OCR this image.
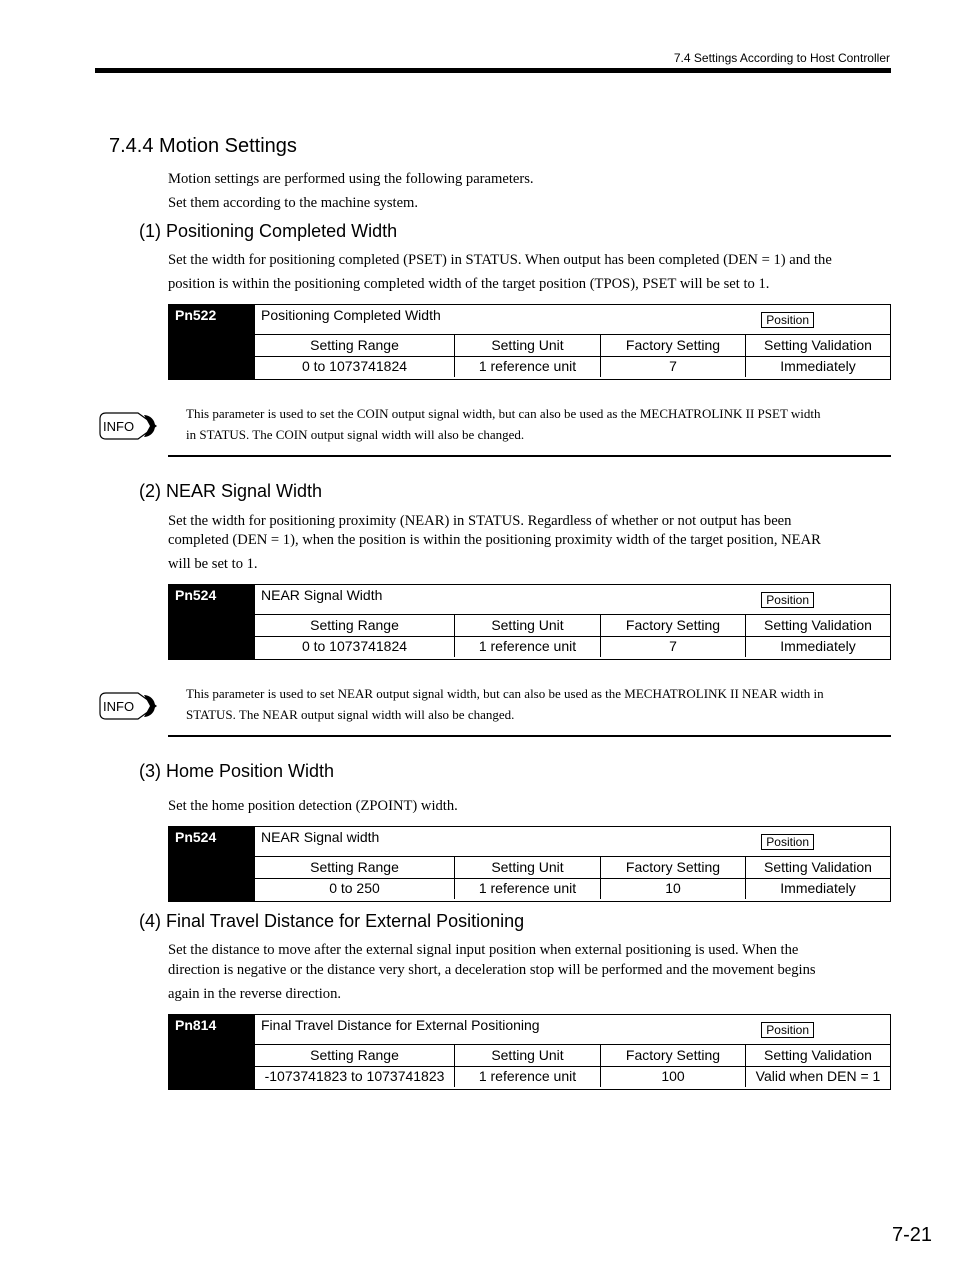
7.4 Settings According to Host Controller
7.4.4 Motion Settings
Motion settings are performed using the following parameters.
Set them according to the machine system.
(1) Positioning Completed Width
Set the width for positioning completed (PSET) in STATUS. When output has been completed (DEN = 1) and the
position is within the positioning completed width of the target position (TPOS), PSET will be set to 1.
Pn522	Positioning Completed Width	Position
Setting Range	Setting Unit	Factory Setting	Setting Validation
0 to 1073741824	1 reference unit	7	Immediately
INFO
This parameter is used to set the COIN output signal width, but can also be used as the MECHATROLINK II PSET width
in STATUS. The COIN output signal width will also be changed.
(2) NEAR Signal Width
Set the width for positioning proximity (NEAR) in STATUS. Regardless of whether or not output has been
completed (DEN = 1), when the position is within the positioning proximity width of the target position, NEAR
will be set to 1.
Pn524	NEAR Signal Width	Position
Setting Range	Setting Unit	Factory Setting	Setting Validation
0 to 1073741824	1 reference unit	7	Immediately
INFO
This parameter is used to set NEAR output signal width, but can also be used as the MECHATROLINK II NEAR width in
STATUS. The NEAR output signal width will also be changed.
(3) Home Position Width
Set the home position detection (ZPOINT) width.
Pn524	NEAR Signal width	Position
Setting Range	Setting Unit	Factory Setting	Setting Validation
0 to 250	1 reference unit	10	Immediately
(4) Final Travel Distance for External Positioning
Set the distance to move after the external signal input position when external positioning is used. When the
direction is negative or the distance very short, a deceleration stop will be performed and the movement begins
again in the reverse direction.
Pn814	Final Travel Distance for External Positioning	Position
Setting Range	Setting Unit	Factory Setting	Setting Validation
-1073741823 to 1073741823	1 reference unit	100	Valid when DEN = 1
7-21
